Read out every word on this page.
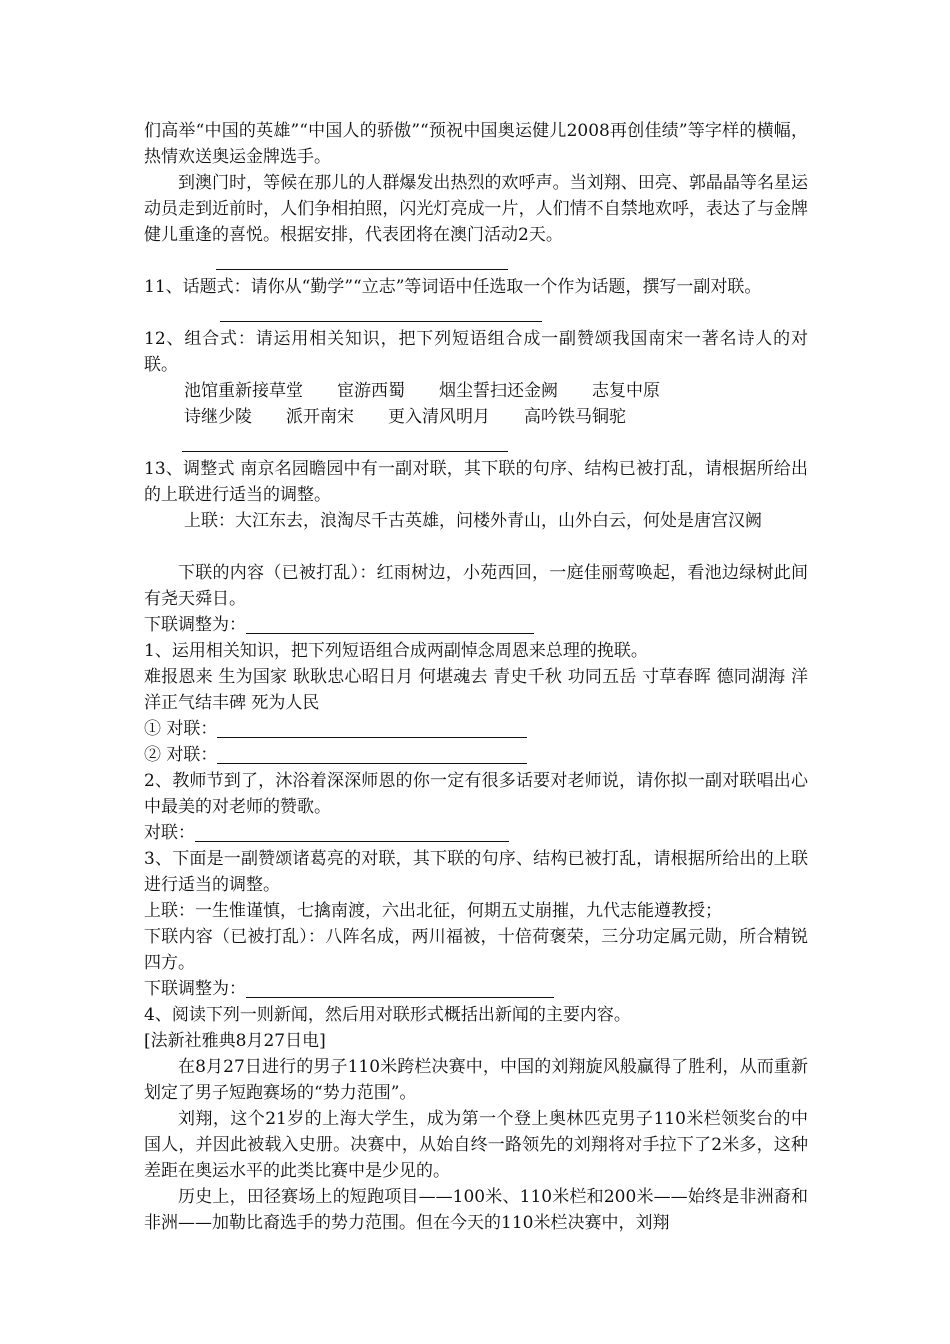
们高举“中国的英雄”“中国人的骄傲”“预祝中国奥运健儿2008再创佳绩”等字样的横幅，热情欢送奥运金牌选手。

到澳门时，等候在那儿的人群爆发出热烈的欢呼声。当刘翔、田亮、郭晶晶等名星运动员走到近前时，人们争相拍照，闪光灯亮成一片，人们情不自禁地欢呼，表达了与金牌健儿重逢的喜悦。根据安排，代表团将在澳门活动2天。

11、话题式：请你从“勤学”“立志”等词语中任选取一个作为话题，撰写一副对联。

12、组合式：请运用相关知识，把下列短语组合成一副赞颂我国南宋一著名诗人的对联。

池馆重新接草堂　　宦游西蜀　　烟尘誓扫还金阙　　志复中原

诗继少陵　　派开南宋　　更入清风明月　　高吟铁马铜驼

13、调整式 南京名园瞻园中有一副对联，其下联的句序、结构已被打乱，请根据所给出的上联进行适当的调整。

上联：大江东去，浪淘尽千古英雄，问楼外青山，山外白云，何处是唐宫汉阙

下联的内容（已被打乱）：红雨树边，小苑西回，一庭佳丽莺唤起，看池边绿树此间有尧天舜日。

下联调整为：

1、运用相关知识，把下列短语组合成两副悼念周恩来总理的挽联。

难报恩来 生为国家 耿耿忠心昭日月 何堪魂去 青史千秋 功同五岳 寸草春晖 德同湖海 洋洋正气结丰碑 死为人民

① 对联：

② 对联：

2、教师节到了，沐浴着深深师恩的你一定有很多话要对老师说，请你拟一副对联唱出心中最美的对老师的赞歌。

对联：

3、下面是一副赞颂诸葛亮的对联，其下联的句序、结构已被打乱，请根据所给出的上联进行适当的调整。

上联：一生惟谨慎，七擒南渡，六出北征，何期五丈崩摧，九代志能遵教授；

下联内容（已被打乱）：八阵名成，两川福被，十倍荷褒荣，三分功定属元勋，所合精锐四方。

下联调整为：

4、阅读下列一则新闻，然后用对联形式概括出新闻的主要内容。

[法新社雅典8月27日电]

在8月27日进行的男子110米跨栏决赛中，中国的刘翔旋风般赢得了胜利，从而重新划定了男子短跑赛场的“势力范围”。

刘翔，这个21岁的上海大学生，成为第一个登上奥林匹克男子110米栏领奖台的中国人，并因此被载入史册。决赛中，从始自终一路领先的刘翔将对手拉下了2米多，这种差距在奥运水平的此类比赛中是少见的。

历史上，田径赛场上的短跑项目——100米、110米栏和200米——始终是非洲裔和非洲——加勒比裔选手的势力范围。但在今天的110米栏决赛中，刘翔
